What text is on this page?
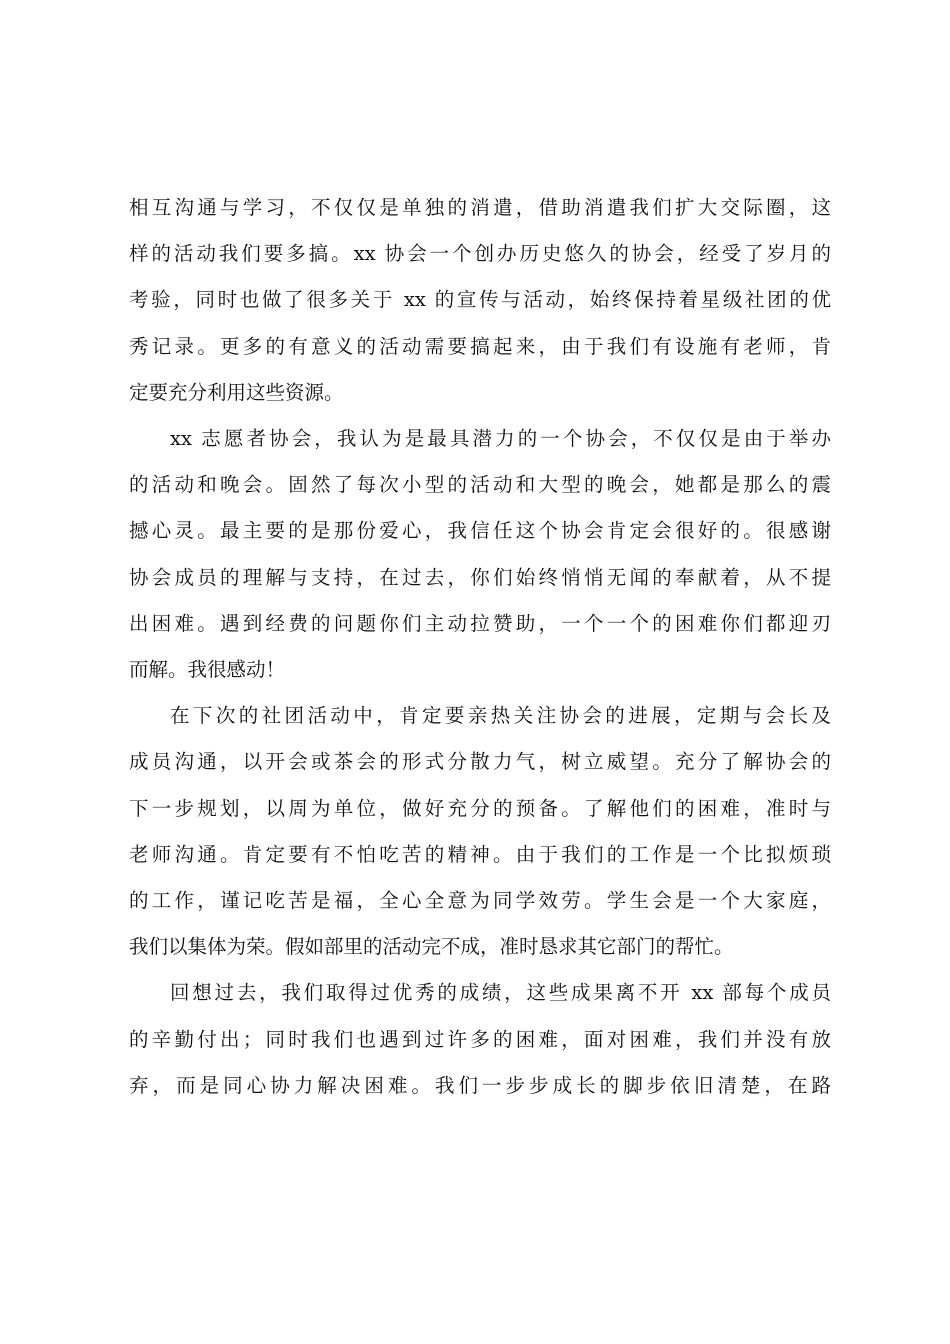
相互沟通与学习，不仅仅是单独的消遣，借助消遣我们扩大交际圈，这
样的活动我们要多搞。xx 协会一个创办历史悠久的协会，经受了岁月的
考验，同时也做了很多关于 xx 的宣传与活动，始终保持着星级社团的优
秀记录。更多的有意义的活动需要搞起来，由于我们有设施有老师，肯
定要充分利用这些资源。
xx 志愿者协会，我认为是最具潜力的一个协会，不仅仅是由于举办
的活动和晚会。固然了每次小型的活动和大型的晚会，她都是那么的震
撼心灵。最主要的是那份爱心，我信任这个协会肯定会很好的。很感谢
协会成员的理解与支持，在过去，你们始终悄悄无闻的奉献着，从不提
出困难。遇到经费的问题你们主动拉赞助，一个一个的困难你们都迎刃
而解。我很感动！
在下次的社团活动中，肯定要亲热关注协会的进展，定期与会长及
成员沟通，以开会或茶会的形式分散力气，树立威望。充分了解协会的
下一步规划，以周为单位，做好充分的预备。了解他们的困难，准时与
老师沟通。肯定要有不怕吃苦的精神。由于我们的工作是一个比拟烦琐
的工作，谨记吃苦是福，全心全意为同学效劳。学生会是一个大家庭，
我们以集体为荣。假如部里的活动完不成，准时恳求其它部门的帮忙。
回想过去，我们取得过优秀的成绩，这些成果离不开 xx 部每个成员
的辛勤付出；同时我们也遇到过许多的困难，面对困难，我们并没有放
弃，而是同心协力解决困难。我们一步步成长的脚步依旧清楚，在路
